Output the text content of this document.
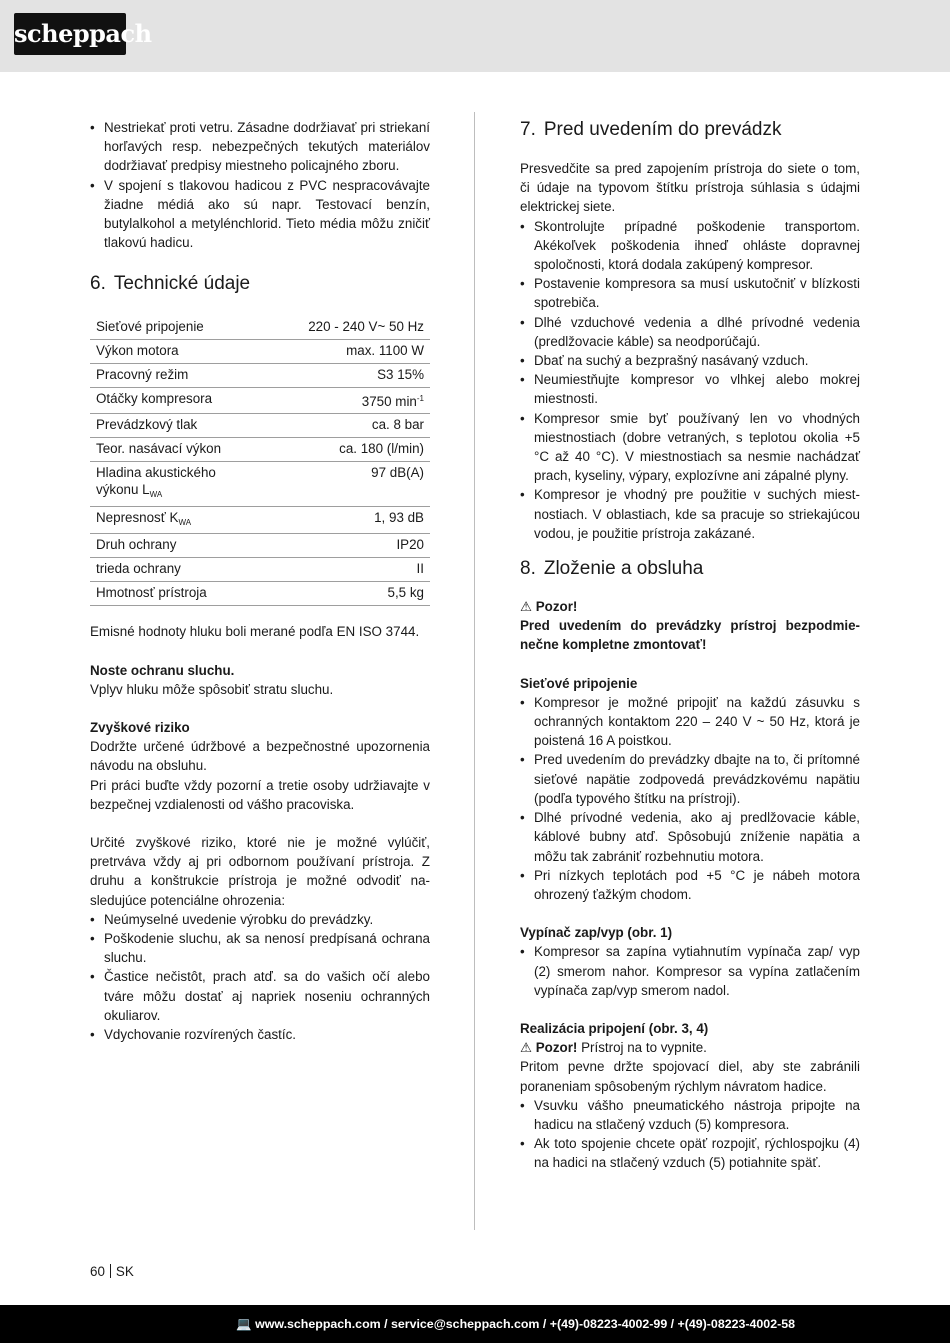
scheppach
• Nestriekať proti vetru. Zásadne dodržiavať pri striekaní horľavých resp. nebezpečných tekutých materiálov dodržiavať predpisy miestneho policajného zboru.
• V spojení s tlakovou hadicou z PVC nespracovávajte žiadne médiá ako sú napr. Testovací benzín, butylalkohol a metylénchlorid. Tieto média môžu zničiť tlakovú hadicu.
6. Technické údaje
Sieťové pripojenie	220 - 240 V~ 50 Hz
Výkon motora	max. 1100 W
Pracovný režim	S3 15%
Otáčky kompresora	3750 $\min^{-1}$
Prevádzkový tlak	ca. 8 bar
Teor. nasávací výkon	ca. 180 (l/min)
Hladina akustického
výkonu $L_{WA}$	97 dB(A)
Nepresnosť $K_{WA}$	1, 93 dB
Druh ochrany	IP20
trieda ochrany	II
Hmotnosť prístroja	5,5 kg

Emisné hodnoty hluku boli merané podľa EN ISO 3744.

Noste ochranu sluchu.

Vplyv hluku môže spôsobiť stratu sluchu.

Zvyškové riziko

Dodržte určené údržbové a bezpečnostné upozornenia návodu na obsluhu.

Pri práci buďte vždy pozorní a tretie osoby udržiavajte v bezpečnej vzdialenosti od vášho pracoviska.

Určité zvyškové riziko, ktoré nie je možné vylúčiť, pretrváva vždy aj pri odbornom používaní prístroja. Z druhu a konštrukcie prístroja je možné odvodiť nasledujúce potenciálne ohrozenia:

• Neúmyselné uvedenie výrobku do prevádzky.
• Poškodenie sluchu, ak sa nenosí predpísaná ochrana sluchu.
• Častice nečistôt, prach atď. sa do vašich očí alebo tváre môžu dostať aj napriek noseniu ochranných okuliarov.
• Vdychovanie rozvírených častíc.
7. Pred uvedením do prevádzk

Presvedčite sa pred zapojením prístroja do siete o tom, či údaje na typovom štítku prístroja súhlasia s údajmi elektrickej siete.

• Skontrolujte prípadné poškodenie transportom. Akékoľvek poškodenia ihneď ohláste dopravnej spoločnosti, ktorá dodala zakúpený kompresor.
• Postavenie kompresora sa musí uskutočniť v blízkosti spotrebiča.
• Dlhé vzduchové vedenia a dlhé prívodné vedenia (predlžovacie káble) sa neodporúčajú.
• Dbať na suchý a bezprašný nasávaný vzduch.
• Neumiestňujte kompresor vo vlhkej alebo mokrej miestnosti.
• Kompresor smie byť používaný len vo vhodných miestnostiach (dobre vetraných, s teplotou okolia +5 °C až 40 °C). V miestnostiach sa nesmie nachádzať prach, kyseliny, výpary, explozívne ani zápalné plyny.
• Kompresor je vhodný pre použitie v suchých miestnostiach. V oblastiach, kde sa pracuje so striekajúcou vodou, je použitie prístroja zakázané.
8. Zloženie a obsluha

⚠ Pozor!

Pred uvedením do prevádzky prístroj bezpodmienečne kompletne zmontovať!

Sieťové pripojenie

• Kompresor je možné pripojiť na každú zásuvku s ochranných kontaktom 220 – 240 V ~ 50 Hz, ktorá je poistená 16 A poistkou.
• Pred uvedením do prevádzky dbajte na to, či prítomné sieťové napätie zodpovedá prevádzkovému napätiu (podľa typového štítku na prístroji).
• Dlhé prívodné vedenia, ako aj predlžovacie káble, káblové bubny atď. Spôsobujú zníženie napätia a môžu tak zabrániť rozbehnutiu motora.
• Pri nízkych teplotách pod +5 °C je nábeh motora ohrozený ťažkým chodom.

Vypínač zap/vyp (obr. 1)

• Kompresor sa zapína vytiahnutím vypínača zap/ vyp (2) smerom nahor. Kompresor sa vypína zatlačením vypínača zap/vyp smerom nadol.

Realizácia pripojení (obr. 3, 4)

⚠ Pozor! Prístroj na to vypnite.

Pritom pevne držte spojovací diel, aby ste zabránili poraneniam spôsobeným rýchlym návratom hadice.

• Vsuvku vášho pneumatického nástroja pripojte na hadicu na stlačený vzduch (5) kompresora.
• Ak toto spojenie chcete opäť rozpojiť, rýchlospojku (4) na hadici na stlačený vzduch (5) potiahnite späť.
60 SK
💻 www.scheppach.com / service@scheppach.com / +(49)-08223-4002-99 / +(49)-08223-4002-58
